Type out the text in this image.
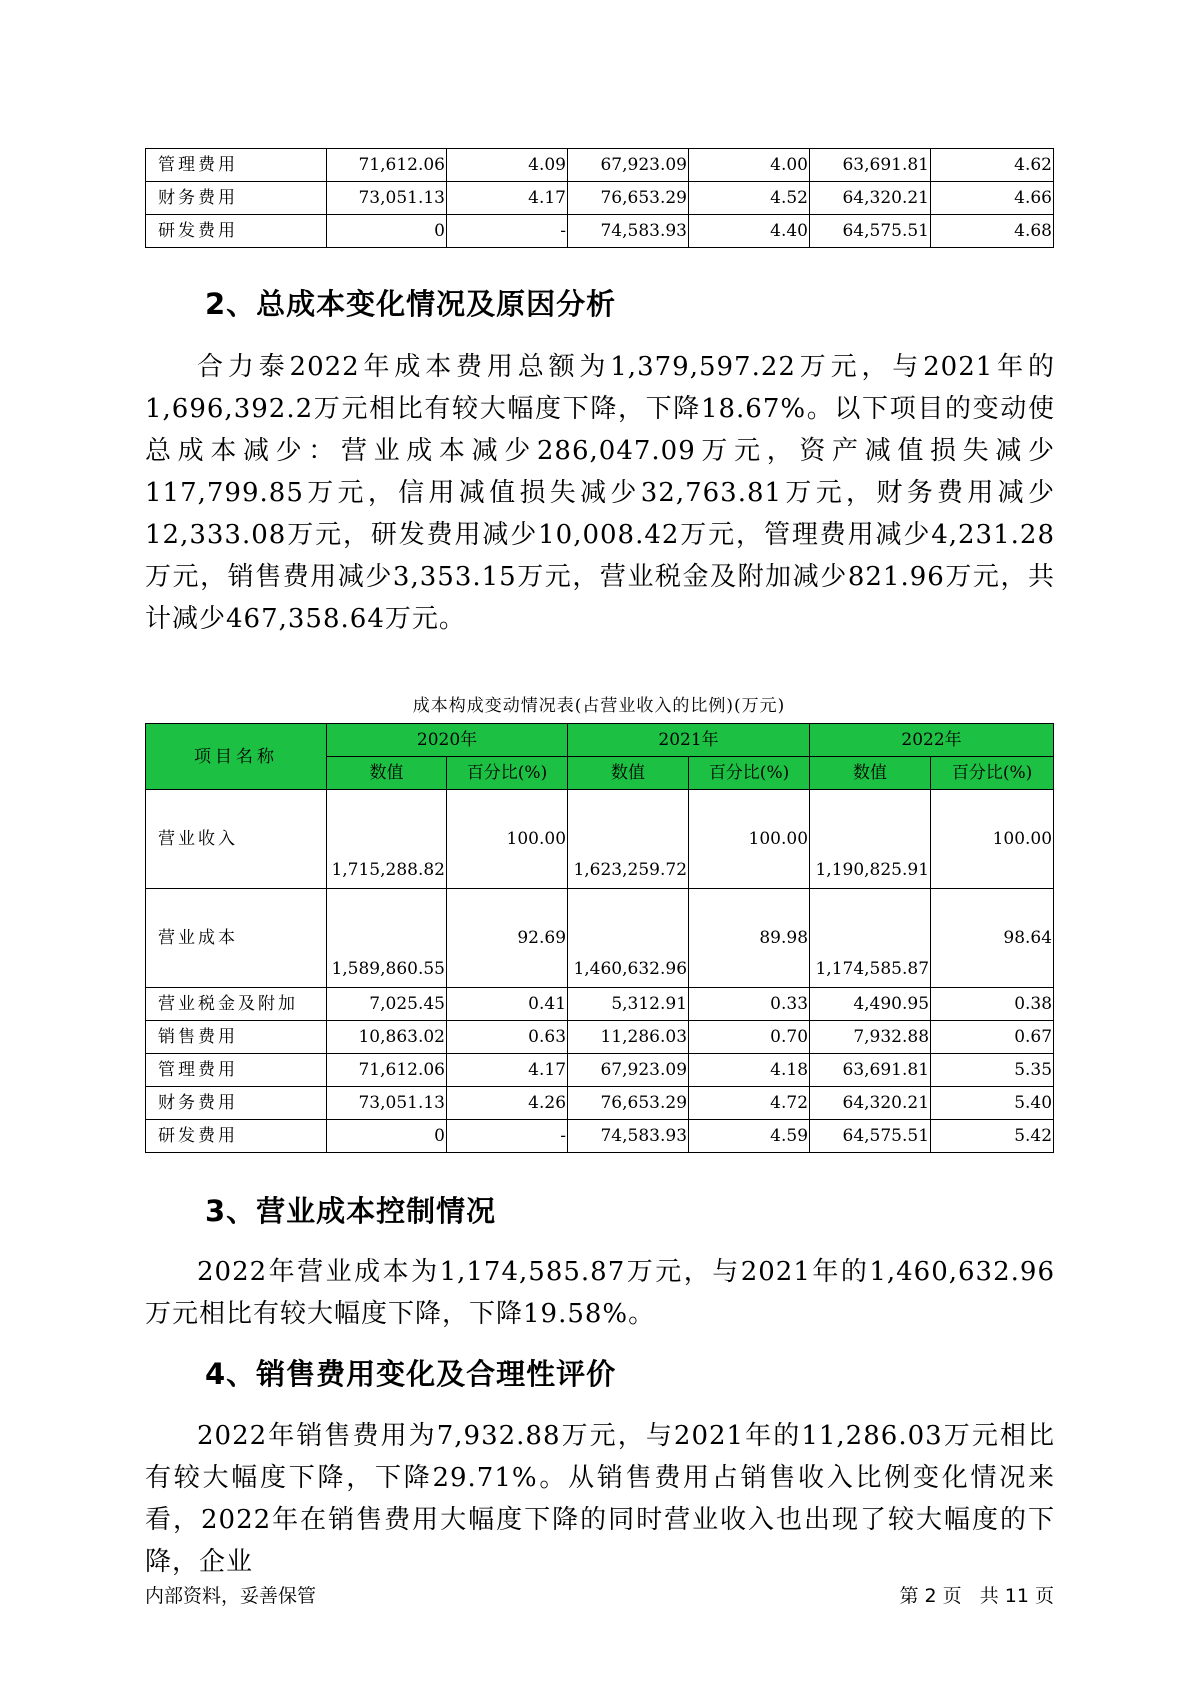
管理费用	71,612.06	4.09	67,923.09	4.00	63,691.81	4.62
财务费用	73,051.13	4.17	76,653.29	4.52	64,320.21	4.66
研发费用	0	-	74,583.93	4.40	64,575.51	4.68
2、总成本变化情况及原因分析

合力泰2022年成本费用总额为1,379,597.22万元，与2021年的1,696,392.2万元相比有较大幅度下降，下降18.67%。以下项目的变动使总成本减少：营业成本减少286,047.09万元，资产减值损失减少117,799.85万元，信用减值损失减少32,763.81万元，财务费用减少12,333.08万元，研发费用减少10,008.42万元，管理费用减少4,231.28万元，销售费用减少3,353.15万元，营业税金及附加减少821.96万元，共计减少467,358.64万元。

成本构成变动情况表(占营业收入的比例)(万元)

项目名称	2020年		2021年		2022年	
	数值	百分比(%)	数值	百分比(%)	数值	百分比(%)
营业收入	1,715,288.82	100.00	1,623,259.72	100.00	1,190,825.91	100.00
营业成本	1,589,860.55	92.69	1,460,632.96	89.98	1,174,585.87	98.64
营业税金及附加	7,025.45	0.41	5,312.91	0.33	4,490.95	0.38
销售费用	10,863.02	0.63	11,286.03	0.70	7,932.88	0.67
管理费用	71,612.06	4.17	67,923.09	4.18	63,691.81	5.35
财务费用	73,051.13	4.26	76,653.29	4.72	64,320.21	5.40
研发费用	0	-	74,583.93	4.59	64,575.51	5.42
3、营业成本控制情况

2022年营业成本为1,174,585.87万元，与2021年的1,460,632.96万元相比有较大幅度下降，下降19.58%。

4、销售费用变化及合理性评价

2022年销售费用为7,932.88万元，与2021年的11,286.03万元相比有较大幅度下降，下降29.71%。从销售费用占销售收入比例变化情况来看，2022年在销售费用大幅度下降的同时营业收入也出现了较大幅度的下降，企业

内部资料，妥善保管	第 2 页   共 11 页
